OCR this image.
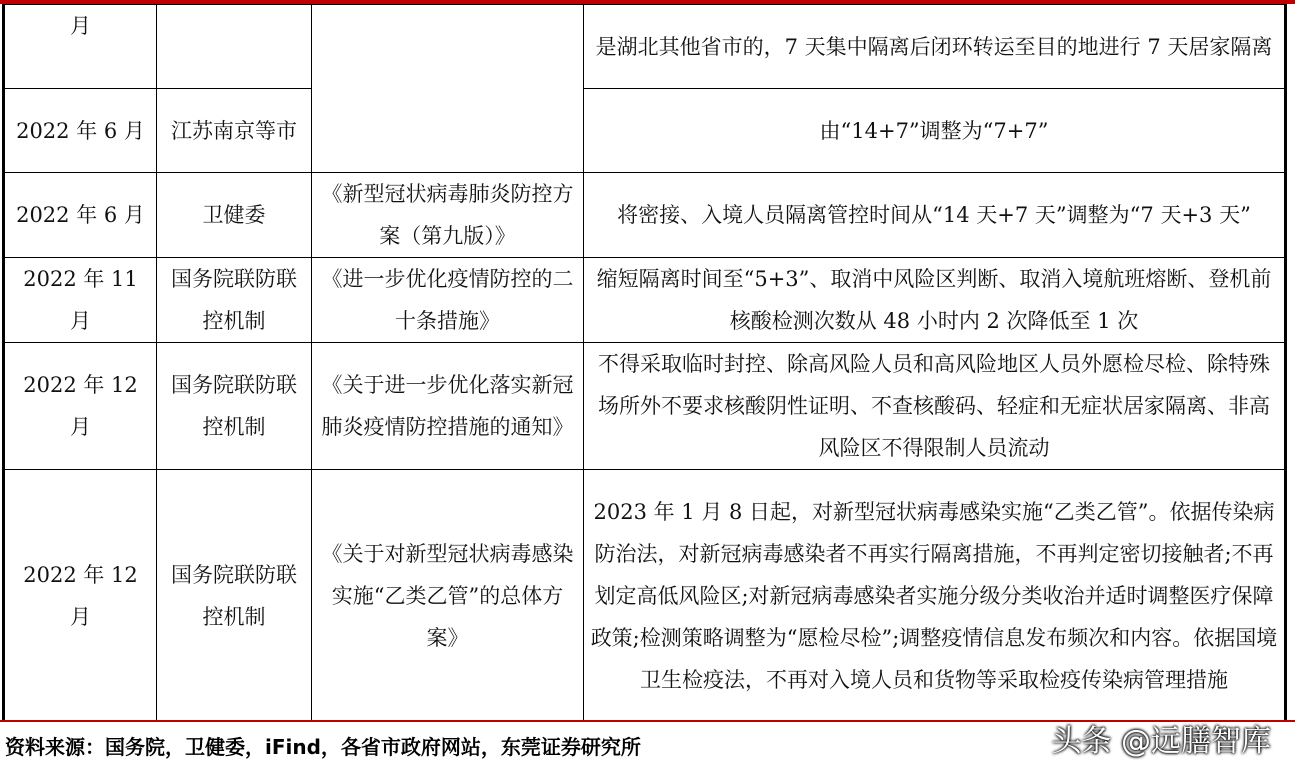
月			是湖北其他省市的，7 天集中隔离后闭环转运至目的地进行 7 天居家隔离
2022 年 6 月	江苏南京等市		由“14+7”调整为“7+7”
2022 年 6 月	卫健委	《新型冠状病毒肺炎防控方案（第九版）》	将密接、入境人员隔离管控时间从“14 天+7 天”调整为“7 天+3 天”
2022 年 11 月	国务院联防联控机制	《进一步优化疫情防控的二十条措施》	缩短隔离时间至“5+3”、取消中风险区判断、取消入境航班熔断、登机前核酸检测次数从 48 小时内 2 次降低至 1 次
2022 年 12 月	国务院联防联控机制	《关于进一步优化落实新冠肺炎疫情防控措施的通知》	不得采取临时封控、除高风险人员和高风险地区人员外愿检尽检、除特殊场所外不要求核酸阴性证明、不查核酸码、轻症和无症状居家隔离、非高风险区不得限制人员流动
2022 年 12 月	国务院联防联控机制	《关于对新型冠状病毒感染实施“乙类乙管”的总体方案》	2023 年 1 月 8 日起，对新型冠状病毒感染实施“乙类乙管”。依据传染病防治法，对新冠病毒感染者不再实行隔离措施，不再判定密切接触者;不再划定高低风险区;对新冠病毒感染者实施分级分类收治并适时调整医疗保障政策;检测策略调整为“愿检尽检”;调整疫情信息发布频次和内容。依据国境卫生检疫法，不再对入境人员和货物等采取检疫传染病管理措施
资料来源：国务院，卫健委，iFind，各省市政府网站，东莞证券研究所	头条 @远膳智库
